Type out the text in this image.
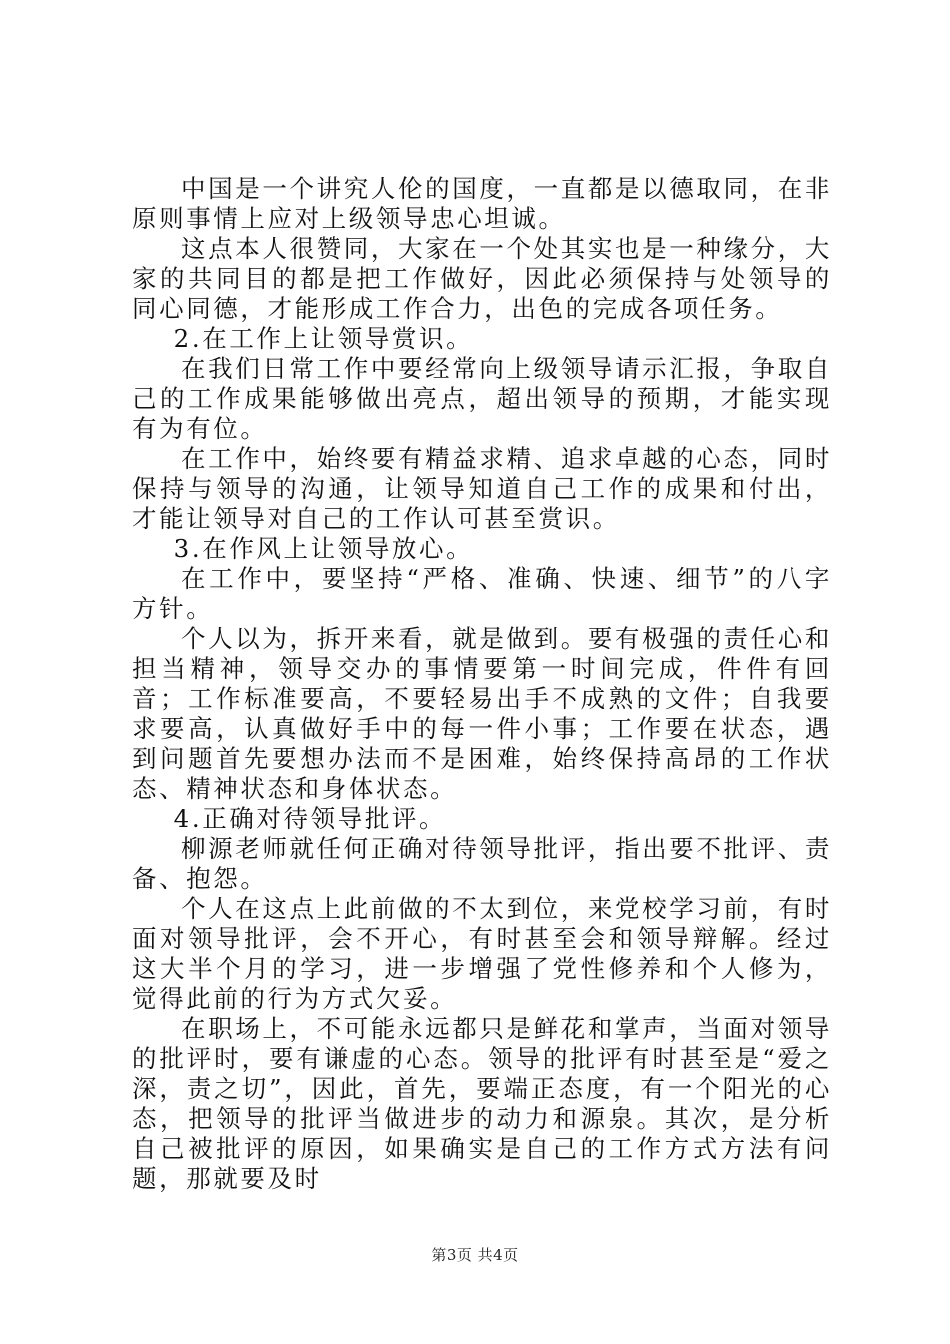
中国是一个讲究人伦的国度，一直都是以德取同，在非原则事情上应对上级领导忠心坦诚。

这点本人很赞同，大家在一个处其实也是一种缘分，大家的共同目的都是把工作做好，因此必须保持与处领导的同心同德，才能形成工作合力，出色的完成各项任务。

2.在工作上让领导赏识。

在我们日常工作中要经常向上级领导请示汇报，争取自己的工作成果能够做出亮点，超出领导的预期，才能实现有为有位。

在工作中，始终要有精益求精、追求卓越的心态，同时保持与领导的沟通，让领导知道自己工作的成果和付出，才能让领导对自己的工作认可甚至赏识。

3.在作风上让领导放心。

在工作中，要坚持“严格、准确、快速、细节”的八字方针。

个人以为，拆开来看，就是做到。要有极强的责任心和担当精神，领导交办的事情要第一时间完成，件件有回音；工作标准要高，不要轻易出手不成熟的文件；自我要求要高，认真做好手中的每一件小事；工作要在状态，遇到问题首先要想办法而不是困难，始终保持高昂的工作状态、精神状态和身体状态。

4.正确对待领导批评。

柳源老师就任何正确对待领导批评，指出要不批评、责备、抱怨。

个人在这点上此前做的不太到位，来党校学习前，有时面对领导批评，会不开心，有时甚至会和领导辩解。经过这大半个月的学习，进一步增强了党性修养和个人修为，觉得此前的行为方式欠妥。

在职场上，不可能永远都只是鲜花和掌声，当面对领导的批评时，要有谦虚的心态。领导的批评有时甚至是“爱之深，责之切”，因此，首先，要端正态度，有一个阳光的心态，把领导的批评当做进步的动力和源泉。其次，是分析自己被批评的原因，如果确实是自己的工作方式方法有问题，那就要及时

第3页 共4页
